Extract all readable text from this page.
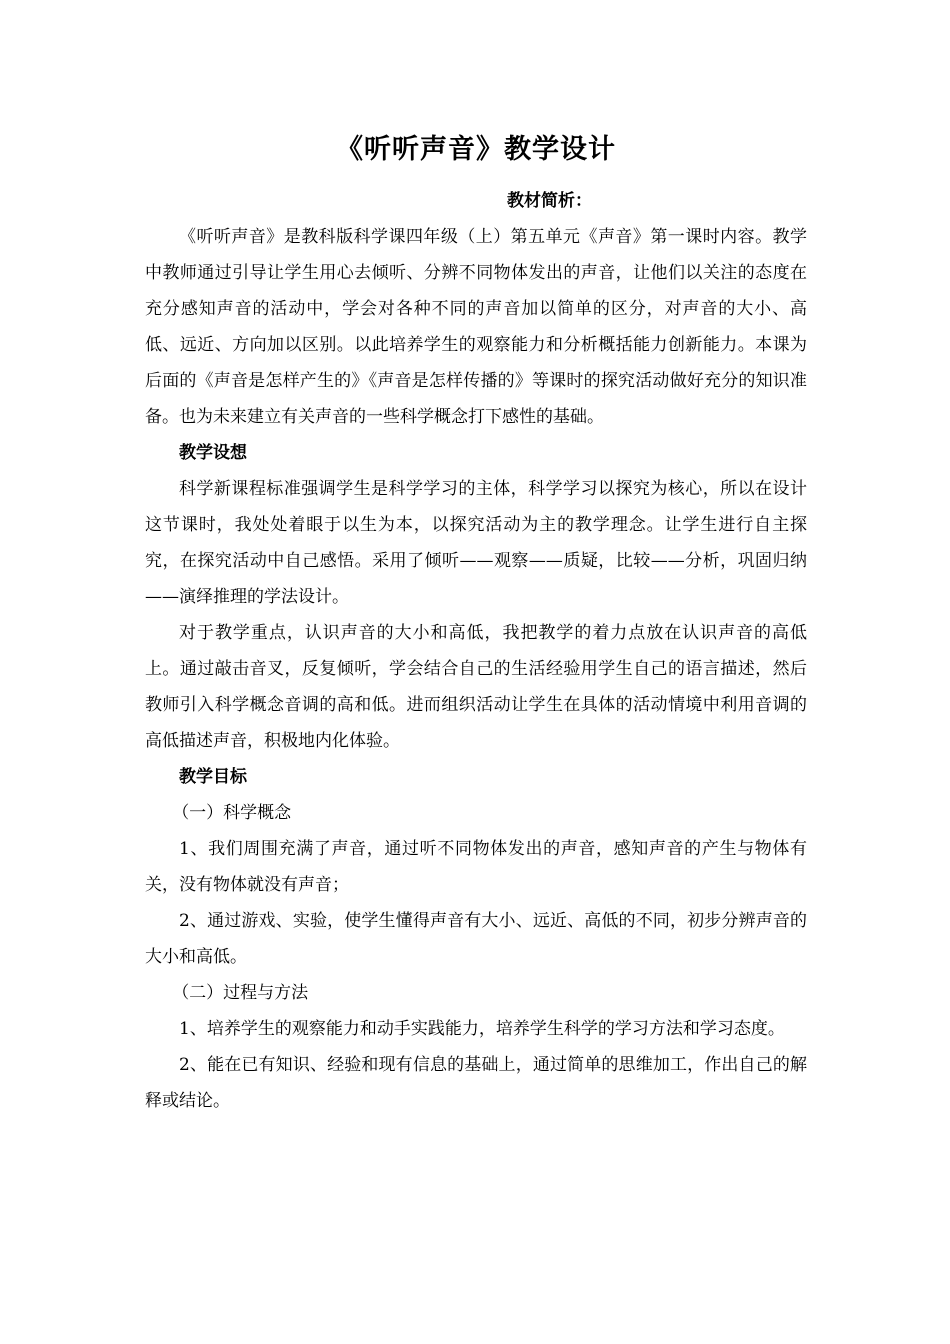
《听听声音》教学设计

教材简析：

《听听声音》是教科版科学课四年级（上）第五单元《声音》第一课时内容。教学中教师通过引导让学生用心去倾听、分辨不同物体发出的声音，让他们以关注的态度在充分感知声音的活动中，学会对各种不同的声音加以简单的区分，对声音的大小、高低、远近、方向加以区别。以此培养学生的观察能力和分析概括能力创新能力。本课为后面的《声音是怎样产生的》《声音是怎样传播的》等课时的探究活动做好充分的知识准备。也为未来建立有关声音的一些科学概念打下感性的基础。

教学设想

科学新课程标准强调学生是科学学习的主体，科学学习以探究为核心，所以在设计这节课时，我处处着眼于以生为本，以探究活动为主的教学理念。让学生进行自主探究，在探究活动中自己感悟。采用了倾听——观察——质疑，比较——分析，巩固归纳——演绎推理的学法设计。

对于教学重点，认识声音的大小和高低，我把教学的着力点放在认识声音的高低上。通过敲击音叉，反复倾听，学会结合自己的生活经验用学生自己的语言描述，然后教师引入科学概念音调的高和低。进而组织活动让学生在具体的活动情境中利用音调的高低描述声音，积极地内化体验。

教学目标

（一）科学概念

1、我们周围充满了声音，通过听不同物体发出的声音，感知声音的产生与物体有关，没有物体就没有声音；

2、通过游戏、实验，使学生懂得声音有大小、远近、高低的不同，初步分辨声音的大小和高低。

（二）过程与方法

1、培养学生的观察能力和动手实践能力，培养学生科学的学习方法和学习态度。

2、能在已有知识、经验和现有信息的基础上，通过简单的思维加工，作出自己的解释或结论。
